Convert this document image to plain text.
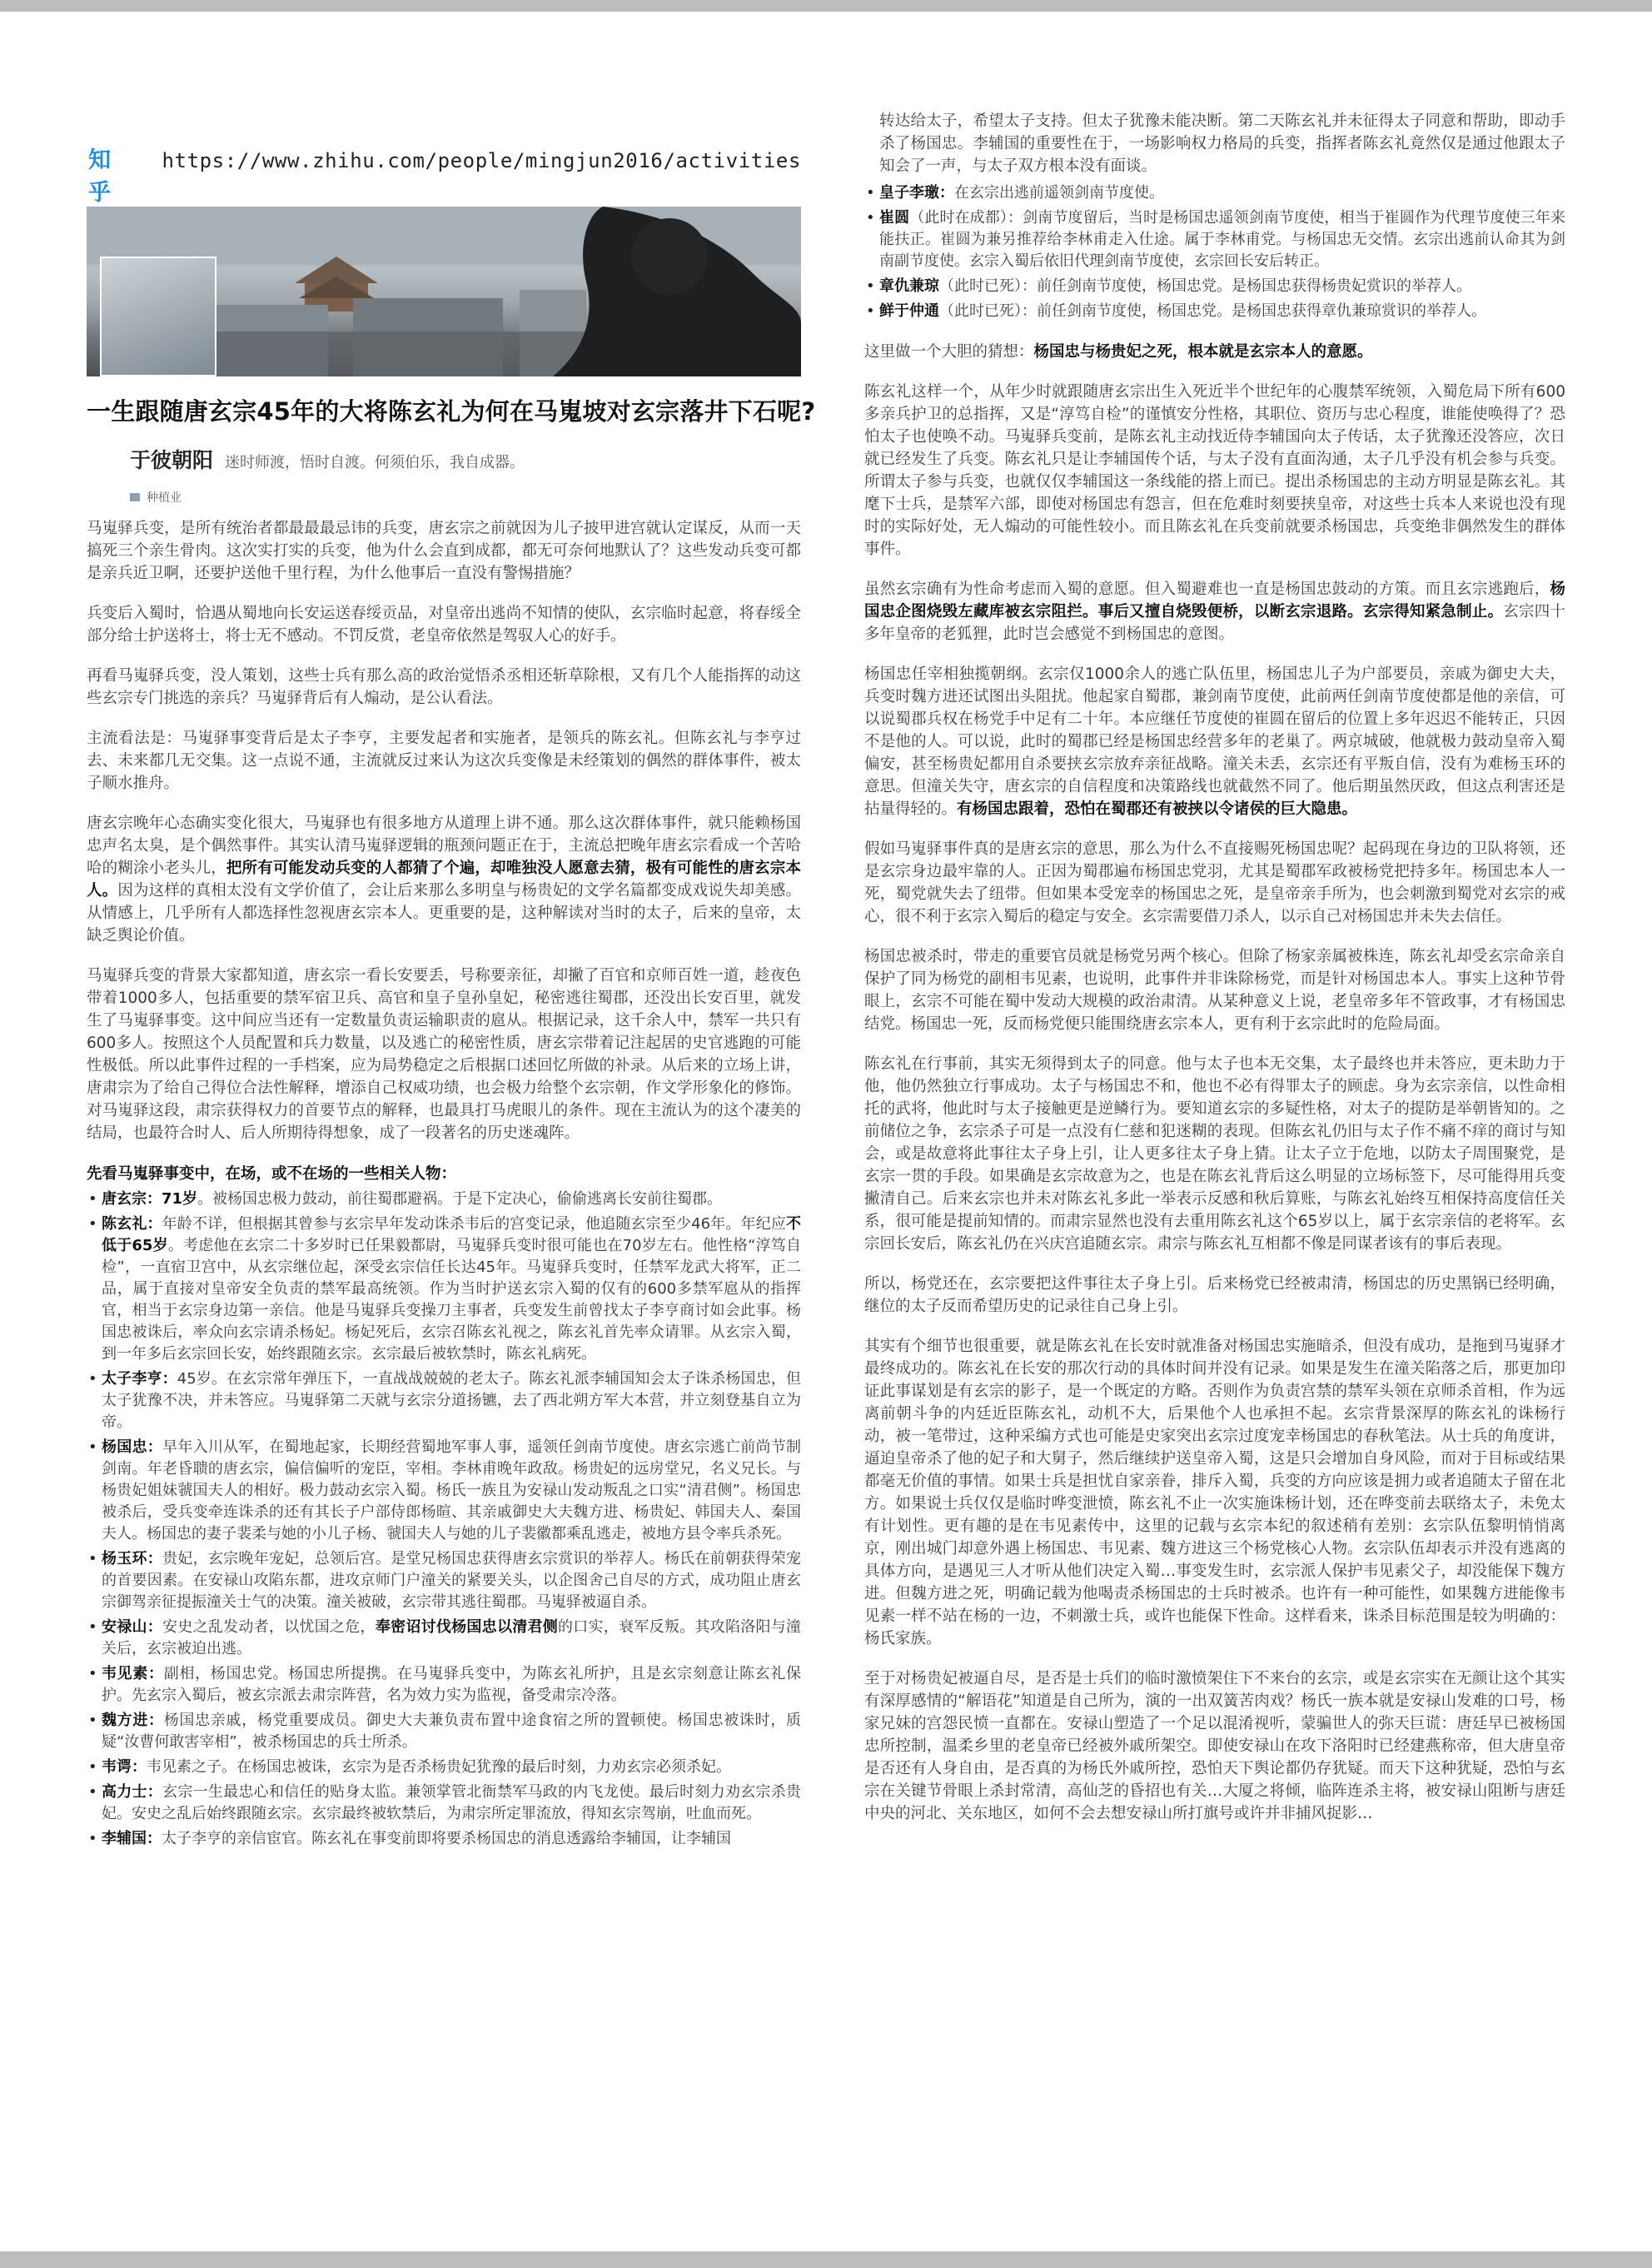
知乎
https://www.zhihu.com/people/mingjun2016/activities
一生跟随唐玄宗45年的大将陈玄礼为何在马嵬坡对玄宗落井下石呢?
于彼朝阳 迷时师渡，悟时自渡。何须伯乐，我自成器。
种植业

马嵬驿兵变，是所有统治者都最最最忌讳的兵变，唐玄宗之前就因为儿子披甲进宫就认定谋反，从而一天搞死三个亲生骨肉。这次实打实的兵变，他为什么会直到成都，都无可奈何地默认了？这些发动兵变可都是亲兵近卫啊，还要护送他千里行程，为什么他事后一直没有警惕措施？

兵变后入蜀时，恰遇从蜀地向长安运送春绥贡品，对皇帝出逃尚不知情的使队，玄宗临时起意，将春绥全部分给士护送将士，将士无不感动。不罚反赏，老皇帝依然是驾驭人心的好手。

再看马嵬驿兵变，没人策划，这些士兵有那么高的政治觉悟杀丞相还斩草除根，又有几个人能指挥的动这些玄宗专门挑选的亲兵？马嵬驿背后有人煽动，是公认看法。

主流看法是：马嵬驿事变背后是太子李亨，主要发起者和实施者，是领兵的陈玄礼。但陈玄礼与李亨过去、未来都几无交集。这一点说不通，主流就反过来认为这次兵变像是未经策划的偶然的群体事件，被太子顺水推舟。

唐玄宗晚年心态确实变化很大，马嵬驿也有很多地方从道理上讲不通。那么这次群体事件，就只能赖杨国忠声名太臭，是个偶然事件。其实认清马嵬驿逻辑的瓶颈问题正在于，主流总把晚年唐玄宗看成一个苦哈哈的糊涂小老头儿，把所有可能发动兵变的人都猜了个遍，却唯独没人愿意去猜，极有可能性的唐玄宗本人。因为这样的真相太没有文学价值了，会让后来那么多明皇与杨贵妃的文学名篇都变成戏说失却美感。从情感上，几乎所有人都选择性忽视唐玄宗本人。更重要的是，这种解读对当时的太子，后来的皇帝，太缺乏舆论价值。

马嵬驿兵变的背景大家都知道，唐玄宗一看长安要丢，号称要亲征，却撇了百官和京师百姓一道，趁夜色带着1000多人，包括重要的禁军宿卫兵、高官和皇子皇孙皇妃，秘密逃往蜀郡，还没出长安百里，就发生了马嵬驿事变。这中间应当还有一定数量负责运输职责的扈从。根据记录，这千余人中，禁军一共只有600多人。按照这个人员配置和兵力数量，以及逃亡的秘密性质，唐玄宗带着记注起居的史官逃跑的可能性极低。所以此事件过程的一手档案，应为局势稳定之后根据口述回忆所做的补录。从后来的立场上讲，唐肃宗为了给自己得位合法性解释，增添自己权威功绩，也会极力给整个玄宗朝，作文学形象化的修饰。对马嵬驿这段，肃宗获得权力的首要节点的解释，也最具打马虎眼儿的条件。现在主流认为的这个凄美的结局，也最符合时人、后人所期待得想象，成了一段著名的历史迷魂阵。

先看马嵬驿事变中，在场，或不在场的一些相关人物：
• 唐玄宗：71岁。被杨国忠极力鼓动，前往蜀郡避祸。于是下定决心，偷偷逃离长安前往蜀郡。
• 陈玄礼：年龄不详，但根据其曾参与玄宗早年发动诛杀韦后的宫变记录，他追随玄宗至少46年。年纪应不低于65岁。考虑他在玄宗二十多岁时已任果毅都尉，马嵬驿兵变时很可能也在70岁左右。他性格“淳笃自检”，一直宿卫宫中，从玄宗继位起，深受玄宗信任长达45年。马嵬驿兵变时，任禁军龙武大将军，正二品，属于直接对皇帝安全负责的禁军最高统领。作为当时护送玄宗入蜀的仅有的600多禁军扈从的指挥官，相当于玄宗身边第一亲信。他是马嵬驿兵变操刀主事者，兵变发生前曾找太子李亨商讨如会此事。杨国忠被诛后，率众向玄宗请杀杨妃。杨妃死后，玄宗召陈玄礼视之，陈玄礼首先率众请罪。从玄宗入蜀，到一年多后玄宗回长安，始终跟随玄宗。玄宗最后被软禁时，陈玄礼病死。
• 太子李亨：45岁。在玄宗常年弹压下，一直战战兢兢的老太子。陈玄礼派李辅国知会太子诛杀杨国忠，但太子犹豫不决，并未答应。马嵬驿第二天就与玄宗分道扬镳，去了西北朔方军大本营，并立刻登基自立为帝。
• 杨国忠：早年入川从军，在蜀地起家，长期经营蜀地军事人事，遥领任剑南节度使。唐玄宗逃亡前尚节制剑南。年老昏聩的唐玄宗，偏信偏听的宠臣，宰相。李林甫晚年政敌。杨贵妃的远房堂兄，名义兄长。与杨贵妃姐妹虢国夫人的相好。极力鼓动玄宗入蜀。杨氏一族且为安禄山发动叛乱之口实“清君侧”。杨国忠被杀后，受兵变牵连诛杀的还有其长子户部侍郎杨暄、其亲戚御史大夫魏方进、杨贵妃、韩国夫人、秦国夫人。杨国忠的妻子裴柔与她的小儿子杨、虢国夫人与她的儿子裴徽都乘乱逃走，被地方县令率兵杀死。
• 杨玉环：贵妃，玄宗晚年宠妃，总领后宫。是堂兄杨国忠获得唐玄宗赏识的举荐人。杨氏在前朝获得荣宠的首要因素。在安禄山攻陷东都，进攻京师门户潼关的紧要关头，以企图舍己自尽的方式，成功阻止唐玄宗御驾亲征提振潼关士气的决策。潼关被破，玄宗带其逃往蜀郡。马嵬驿被逼自杀。
• 安禄山：安史之乱发动者，以忧国之危，奉密诏讨伐杨国忠以清君侧的口实，衰军反叛。其攻陷洛阳与潼关后，玄宗被迫出逃。
• 韦见素：副相，杨国忠党。杨国忠所提携。在马嵬驿兵变中，为陈玄礼所护，且是玄宗刻意让陈玄礼保护。先玄宗入蜀后，被玄宗派去肃宗阵营，名为效力实为监视，备受肃宗冷落。
• 魏方进：杨国忠亲戚，杨党重要成员。御史大夫兼负责布置中途食宿之所的置顿使。杨国忠被诛时，质疑“汝曹何敢害宰相”，被杀杨国忠的兵士所杀。
• 韦谔：韦见素之子。在杨国忠被诛，玄宗为是否杀杨贵妃犹豫的最后时刻，力劝玄宗必须杀妃。
• 高力士：玄宗一生最忠心和信任的贴身太监。兼领掌管北衙禁军马政的内飞龙使。最后时刻力劝玄宗杀贵妃。安史之乱后始终跟随玄宗。玄宗最终被软禁后，为肃宗所定罪流放，得知玄宗驾崩，吐血而死。
• 李辅国：太子李亨的亲信宦官。陈玄礼在事变前即将要杀杨国忠的消息透露给李辅国，让李辅国

转达给太子，希望太子支持。但太子犹豫未能决断。第二天陈玄礼并未征得太子同意和帮助，即动手杀了杨国忠。李辅国的重要性在于，一场影响权力格局的兵变，指挥者陈玄礼竟然仅是通过他跟太子知会了一声，与太子双方根本没有面谈。

• 皇子李璬：在玄宗出逃前遥领剑南节度使。
• 崔圆（此时在成都）：剑南节度留后，当时是杨国忠遥领剑南节度使，相当于崔圆作为代理节度使三年来能扶正。崔圆为兼另推荐给李林甫走入仕途。属于李林甫党。与杨国忠无交情。玄宗出逃前认命其为剑南副节度使。玄宗入蜀后依旧代理剑南节度使，玄宗回长安后转正。
• 章仇兼琼（此时已死）：前任剑南节度使，杨国忠党。是杨国忠获得杨贵妃赏识的举荐人。
• 鲜于仲通（此时已死）：前任剑南节度使，杨国忠党。是杨国忠获得章仇兼琼赏识的举荐人。

这里做一个大胆的猜想：杨国忠与杨贵妃之死，根本就是玄宗本人的意愿。

陈玄礼这样一个，从年少时就跟随唐玄宗出生入死近半个世纪年的心腹禁军统领，入蜀危局下所有600多亲兵护卫的总指挥，又是“淳笃自检”的谨慎安分性格，其职位、资历与忠心程度，谁能使唤得了？恐怕太子也使唤不动。马嵬驿兵变前，是陈玄礼主动找近侍李辅国向太子传话，太子犹豫还没答应，次日就已经发生了兵变。陈玄礼只是让李辅国传个话，与太子没有直面沟通，太子几乎没有机会参与兵变。所谓太子参与兵变，也就仅仅李辅国这一条线能的搭上而已。提出杀杨国忠的主动方明显是陈玄礼。其麾下士兵，是禁军六部，即使对杨国忠有怨言，但在危难时刻要挟皇帝，对这些士兵本人来说也没有现时的实际好处，无人煽动的可能性较小。而且陈玄礼在兵变前就要杀杨国忠，兵变绝非偶然发生的群体事件。

虽然玄宗确有为性命考虑而入蜀的意愿。但入蜀避难也一直是杨国忠鼓动的方策。而且玄宗逃跑后，杨国忠企图烧毁左藏库被玄宗阻拦。事后又擅自烧毁便桥，以断玄宗退路。玄宗得知紧急制止。玄宗四十多年皇帝的老狐狸，此时岂会感觉不到杨国忠的意图。

杨国忠任宰相独揽朝纲。玄宗仅1000余人的逃亡队伍里，杨国忠儿子为户部要员，亲戚为御史大夫，兵变时魏方进还试图出头阻扰。他起家自蜀郡，兼剑南节度使，此前两任剑南节度使都是他的亲信，可以说蜀郡兵权在杨党手中足有二十年。本应继任节度使的崔圆在留后的位置上多年迟迟不能转正，只因不是他的人。可以说，此时的蜀郡已经是杨国忠经营多年的老巢了。两京城破，他就极力鼓动皇帝入蜀偏安，甚至杨贵妃都用自杀要挟玄宗放弃亲征战略。潼关未丢，玄宗还有平叛自信，没有为难杨玉环的意思。但潼关失守，唐玄宗的自信程度和决策路线也就截然不同了。他后期虽然厌政，但这点利害还是拈量得轻的。有杨国忠跟着，恐怕在蜀郡还有被挟以令诸侯的巨大隐患。

假如马嵬驿事件真的是唐玄宗的意思，那么为什么不直接赐死杨国忠呢？起码现在身边的卫队将领，还是玄宗身边最牢靠的人。正因为蜀郡遍布杨国忠党羽，尤其是蜀郡军政被杨党把持多年。杨国忠本人一死，蜀党就失去了纽带。但如果本受宠幸的杨国忠之死，是皇帝亲手所为，也会刺激到蜀党对玄宗的戒心，很不利于玄宗入蜀后的稳定与安全。玄宗需要借刀杀人，以示自己对杨国忠并未失去信任。

杨国忠被杀时，带走的重要官员就是杨党另两个核心。但除了杨家亲属被株连，陈玄礼却受玄宗命亲自保护了同为杨党的副相韦见素，也说明，此事件并非诛除杨党，而是针对杨国忠本人。事实上这种节骨眼上，玄宗不可能在蜀中发动大规模的政治肃清。从某种意义上说，老皇帝多年不管政事，才有杨国忠结党。杨国忠一死，反而杨党便只能围绕唐玄宗本人，更有利于玄宗此时的危险局面。

陈玄礼在行事前，其实无须得到太子的同意。他与太子也本无交集，太子最终也并未答应，更未助力于他，他仍然独立行事成功。太子与杨国忠不和，他也不必有得罪太子的顾虑。身为玄宗亲信，以性命相托的武将，他此时与太子接触更是逆鳞行为。要知道玄宗的多疑性格，对太子的提防是举朝皆知的。之前储位之争，玄宗杀子可是一点没有仁慈和犯迷糊的表现。但陈玄礼仍旧与太子作不痛不痒的商讨与知会，或是故意将此事往太子身上引，让人更多往太子身上猜。让太子立于危地，以防太子周围聚党，是玄宗一贯的手段。如果确是玄宗故意为之，也是在陈玄礼背后这么明显的立场标签下，尽可能得用兵变撇清自己。后来玄宗也并未对陈玄礼多此一举表示反感和秋后算账，与陈玄礼始终互相保持高度信任关系，很可能是提前知情的。而肃宗显然也没有去重用陈玄礼这个65岁以上，属于玄宗亲信的老将军。玄宗回长安后，陈玄礼仍在兴庆宫追随玄宗。肃宗与陈玄礼互相都不像是同谋者该有的事后表现。

所以，杨党还在，玄宗要把这件事往太子身上引。后来杨党已经被肃清，杨国忠的历史黑锅已经明确，继位的太子反而希望历史的记录往自己身上引。

其实有个细节也很重要，就是陈玄礼在长安时就准备对杨国忠实施暗杀，但没有成功，是拖到马嵬驿才最终成功的。陈玄礼在长安的那次行动的具体时间并没有记录。如果是发生在潼关陷落之后，那更加印证此事谋划是有玄宗的影子，是一个既定的方略。否则作为负责宫禁的禁军头领在京师杀首相，作为远离前朝斗争的内廷近臣陈玄礼，动机不大，后果他个人也承担不起。玄宗背景深厚的陈玄礼的诛杨行动，被一笔带过，这种采编方式也可能是史家突出玄宗过度宠幸杨国忠的春秋笔法。从士兵的角度讲，逼迫皇帝杀了他的妃子和大舅子，然后继续护送皇帝入蜀，这是只会增加自身风险，而对于目标或结果都毫无价值的事情。如果士兵是担忧自家亲眷，排斥入蜀，兵变的方向应该是拥力或者追随太子留在北方。如果说士兵仅仅是临时哗变泄愤，陈玄礼不止一次实施诛杨计划，还在哗变前去联络太子，未免太有计划性。更有趣的是在韦见素传中，这里的记载与玄宗本纪的叙述稍有差别：玄宗队伍黎明悄悄离京，刚出城门却意外遇上杨国忠、韦见素、魏方进这三个杨党核心人物。玄宗队伍却表示并没有逃离的具体方向，是遇见三人才听从他们决定入蜀…事变发生时，玄宗派人保护韦见素父子，却没能保下魏方进。但魏方进之死，明确记载为他喝责杀杨国忠的士兵时被杀。也许有一种可能性，如果魏方进能像韦见素一样不站在杨的一边，不刺激士兵，或许也能保下性命。这样看来，诛杀目标范围是较为明确的：杨氏家族。

至于对杨贵妃被逼自尽，是否是士兵们的临时激愤架住下不来台的玄宗，或是玄宗实在无颜让这个其实有深厚感情的“解语花”知道是自己所为，演的一出双簧苦肉戏？杨氏一族本就是安禄山发难的口号，杨家兄妹的宫怨民愤一直都在。安禄山塑造了一个足以混淆视听，蒙骗世人的弥天巨谎：唐廷早已被杨国忠所控制，温柔乡里的老皇帝已经被外戚所架空。即使安禄山在攻下洛阳时已经建燕称帝，但大唐皇帝是否还有人身自由，是否真的为杨氏外戚所控，恐怕天下舆论都仍存犹疑。而天下这种犹疑，恐怕与玄宗在关键节骨眼上杀封常清，高仙芝的昏招也有关…大厦之将倾，临阵连杀主将，被安禄山阻断与唐廷中央的河北、关东地区，如何不会去想安禄山所打旗号或许并非捕风捉影…
